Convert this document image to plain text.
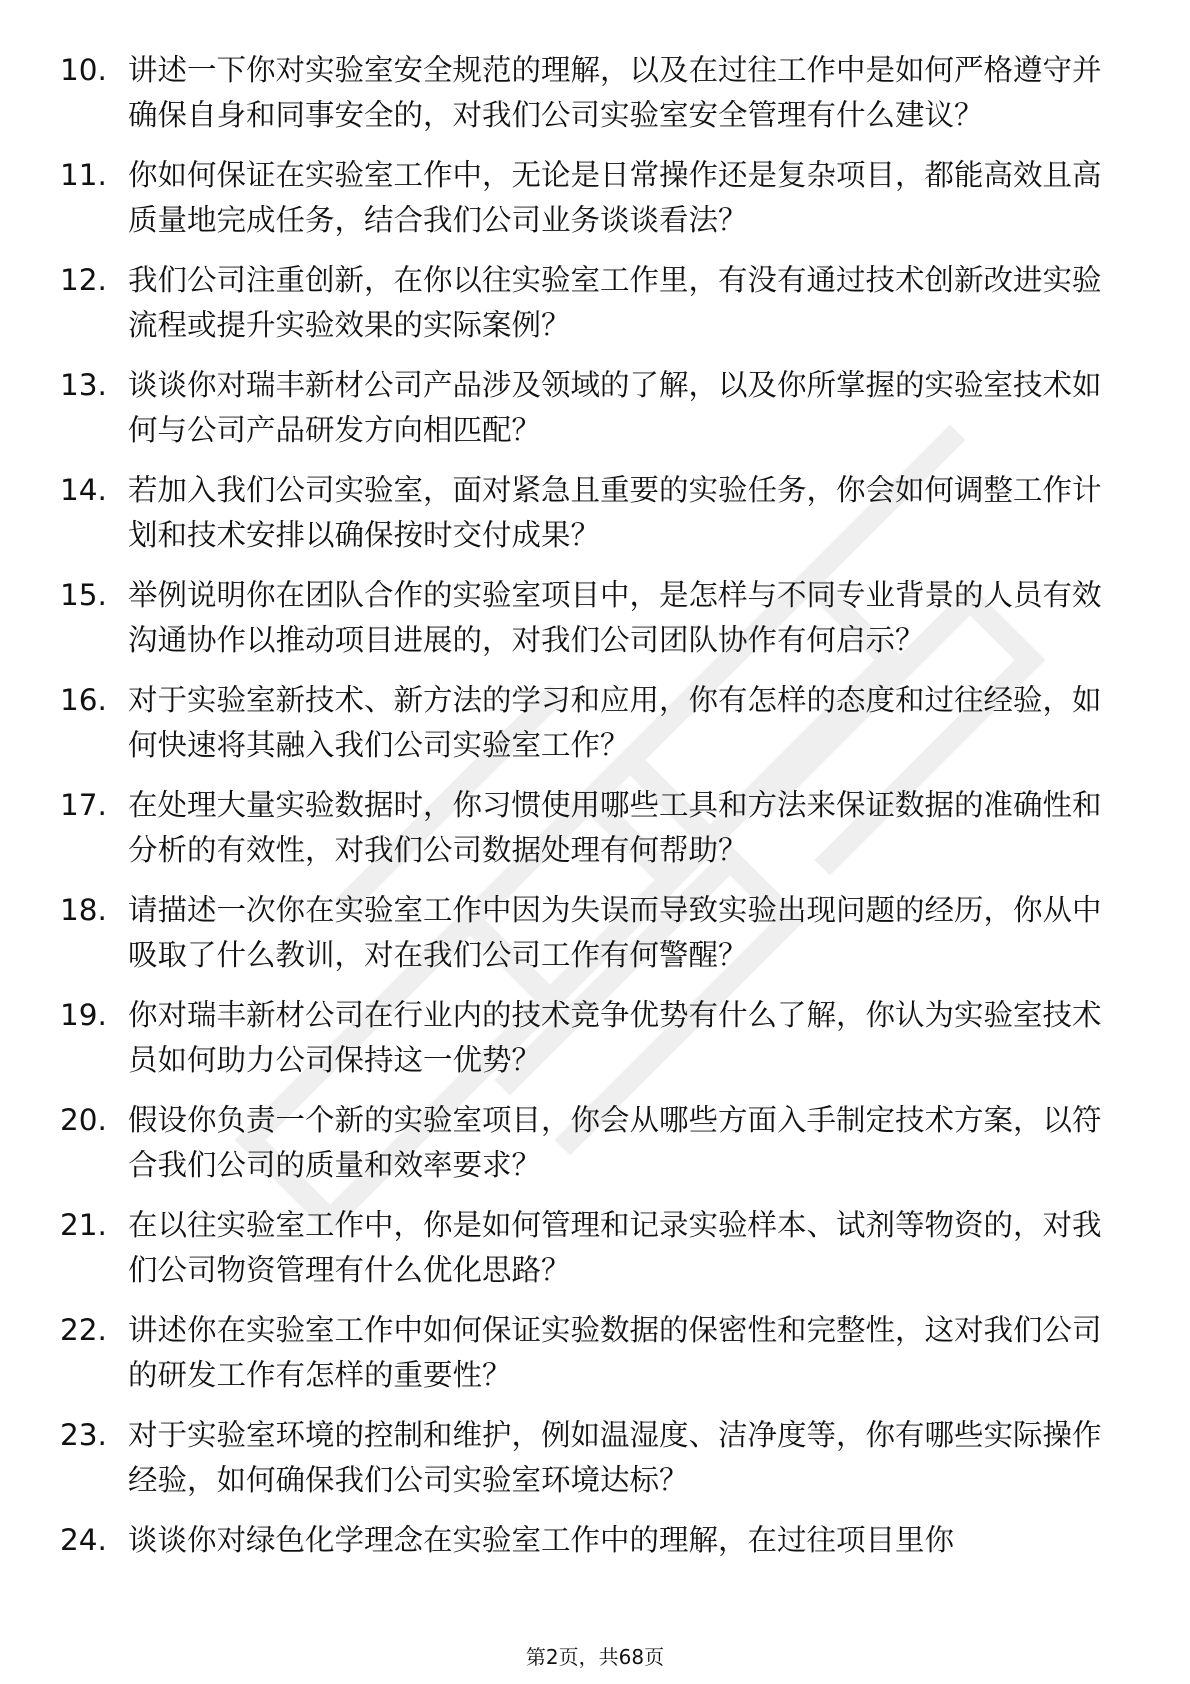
10. 讲述一下你对实验室安全规范的理解，以及在过往工作中是如何严格遵守并确保自身和同事安全的，对我们公司实验室安全管理有什么建议？
11. 你如何保证在实验室工作中，无论是日常操作还是复杂项目，都能高效且高质量地完成任务，结合我们公司业务谈谈看法？
12. 我们公司注重创新，在你以往实验室工作里，有没有通过技术创新改进实验流程或提升实验效果的实际案例？
13. 谈谈你对瑞丰新材公司产品涉及领域的了解，以及你所掌握的实验室技术如何与公司产品研发方向相匹配？
14. 若加入我们公司实验室，面对紧急且重要的实验任务，你会如何调整工作计划和技术安排以确保按时交付成果？
15. 举例说明你在团队合作的实验室项目中，是怎样与不同专业背景的人员有效沟通协作以推动项目进展的，对我们公司团队协作有何启示？
16. 对于实验室新技术、新方法的学习和应用，你有怎样的态度和过往经验，如何快速将其融入我们公司实验室工作？
17. 在处理大量实验数据时，你习惯使用哪些工具和方法来保证数据的准确性和分析的有效性，对我们公司数据处理有何帮助？
18. 请描述一次你在实验室工作中因为失误而导致实验出现问题的经历，你从中吸取了什么教训，对在我们公司工作有何警醒？
19. 你对瑞丰新材公司在行业内的技术竞争优势有什么了解，你认为实验室技术员如何助力公司保持这一优势？
20. 假设你负责一个新的实验室项目，你会从哪些方面入手制定技术方案，以符合我们公司的质量和效率要求？
21. 在以往实验室工作中，你是如何管理和记录实验样本、试剂等物资的，对我们公司物资管理有什么优化思路？
22. 讲述你在实验室工作中如何保证实验数据的保密性和完整性，这对我们公司的研发工作有怎样的重要性？
23. 对于实验室环境的控制和维护，例如温湿度、洁净度等，你有哪些实际操作经验，如何确保我们公司实验室环境达标？
24. 谈谈你对绿色化学理念在实验室工作中的理解，在过往项目里你
第2页，共68页
